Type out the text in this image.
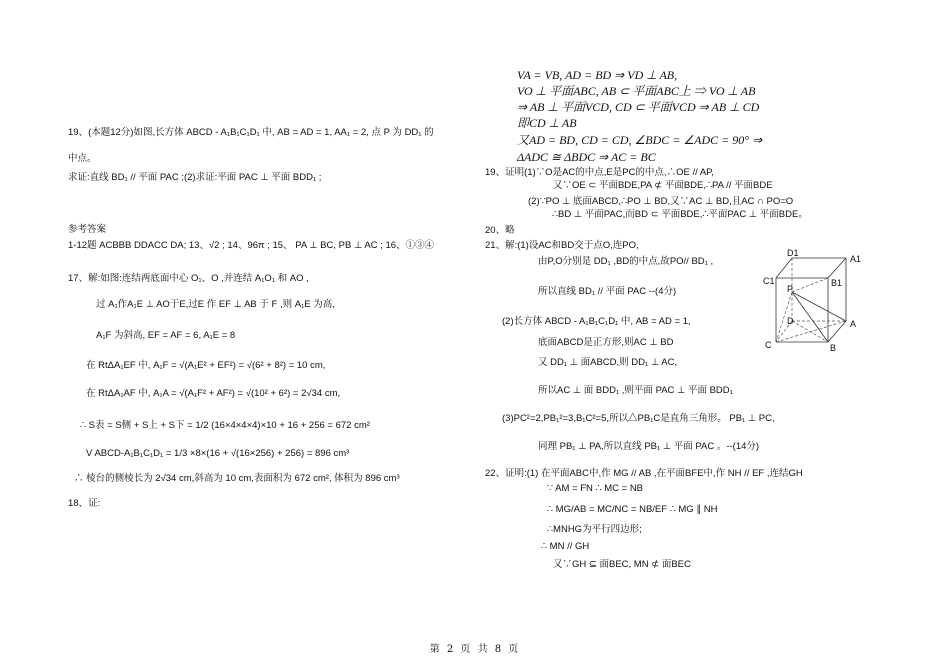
19、(本题12分)如图,长方体 ABCD - A₁B₁C₁D₁ 中, AB = AD = 1, AA₁ = 2, 点 P 为 DD₁ 的
中点。
求证:直线 BD₁ // 平面 PAC ;(2)求证:平面 PAC ⊥ 平面 BDD₁ ;
参考答案
1-12题 ACBBB DDACC DA; 13、√2 ; 14、96π ; 15、 PA ⊥ BC, PB ⊥ AC ; 16、①③④
17、解:如图:连结两底面中心 O₁、O ,并连结 A₁O₁ 和 AO ,
过 A₁作A₁E ⊥ AO于E,过E 作 EF ⊥ AB 于 F ,则 A₁E 为高,
A₁F 为斜高, EF = AF = 6, A₁E = 8
在 RtΔA₁EF 中, A₁F = √(A₁E² + EF²) = √(6² + 8²) = 10 cm,
在 RtΔA₁AF 中, A₁A = √(A₁F² + AF²) = √(10² + 6²) = 2√34 cm,
∴ S表 = S侧 + S上 + S下 = 1/2 (16×4×4×4)×10 + 16 + 256 = 672 cm²
V ABCD-A₁B₁C₁D₁ = 1/3 ×8×(16 + √(16×256) + 256) = 896 cm³
∴ 棱台的侧棱长为 2√34 cm,斜高为 10 cm,表面积为 672 cm², 体积为 896 cm³
18、证:
VA = VB, AD = BD ⇒ VD ⊥ AB,
VO ⊥ 平面ABC, AB ⊂ 平面ABC上 ⇒ VO ⊥ AB
⇒ AB ⊥ 平面VCD, CD ⊂ 平面VCD ⇒ AB ⊥ CD
即CD ⊥ AB
又AD = BD, CD = CD, ∠BDC = ∠ADC = 90° ⇒
ΔADC ≅ ΔBDC ⇒ AC = BC
19、证明(1)∵O是AC的中点,E是PC的中点,∴OE // AP,
又∵OE ⊂ 平面BDE,PA ⊄ 平面BDE,∴PA // 平面BDE
(2)∵PO ⊥ 底面ABCD,∴PO ⊥ BD,又∵AC ⊥ BD,且AC ∩ PO=O
∴BD ⊥ 平面PAC,而BD ⊂ 平面BDE,∴平面PAC ⊥ 平面BDE。
20、略
21、解:(1)设AC和BD交于点O,连PO,
由P,O分别是 DD₁ ,BD的中点,故PO// BD₁ ,
所以直线 BD₁ // 平面 PAC --(4分)
(2)长方体 ABCD - A₁B₁C₁D₁ 中, AB = AD = 1,
底面ABCD是正方形,则AC ⊥ BD
又 DD₁ ⊥ 面ABCD,则 DD₁ ⊥ AC,
所以AC ⊥ 面 BDD₁ ,则平面 PAC ⊥ 平面 BDD₁
(3)PC²=2,PB₁²=3,B₁C²=5,所以△PB₁C是直角三角形。 PB₁ ⊥ PC,
同理 PB₁ ⊥ PA,所以直线 PB₁ ⊥ 平面 PAC 。--(14分)
22、证明:(1) 在平面ABC中,作 MG // AB ,在平面BFE中,作 NH // EF ,连结GH
∵ AM = FN ∴ MC = NB
∴ MG/AB = MC/NC = NB/EF ∴ MG ∥ NH
∴MNHG为平行四边形;
∴ MN // GH
又∵GH ⊆ 面BEC, MN ⊄ 面BEC
D1
A1
C1	B1
P
D	A
C	B
第 2 页 共 8 页
